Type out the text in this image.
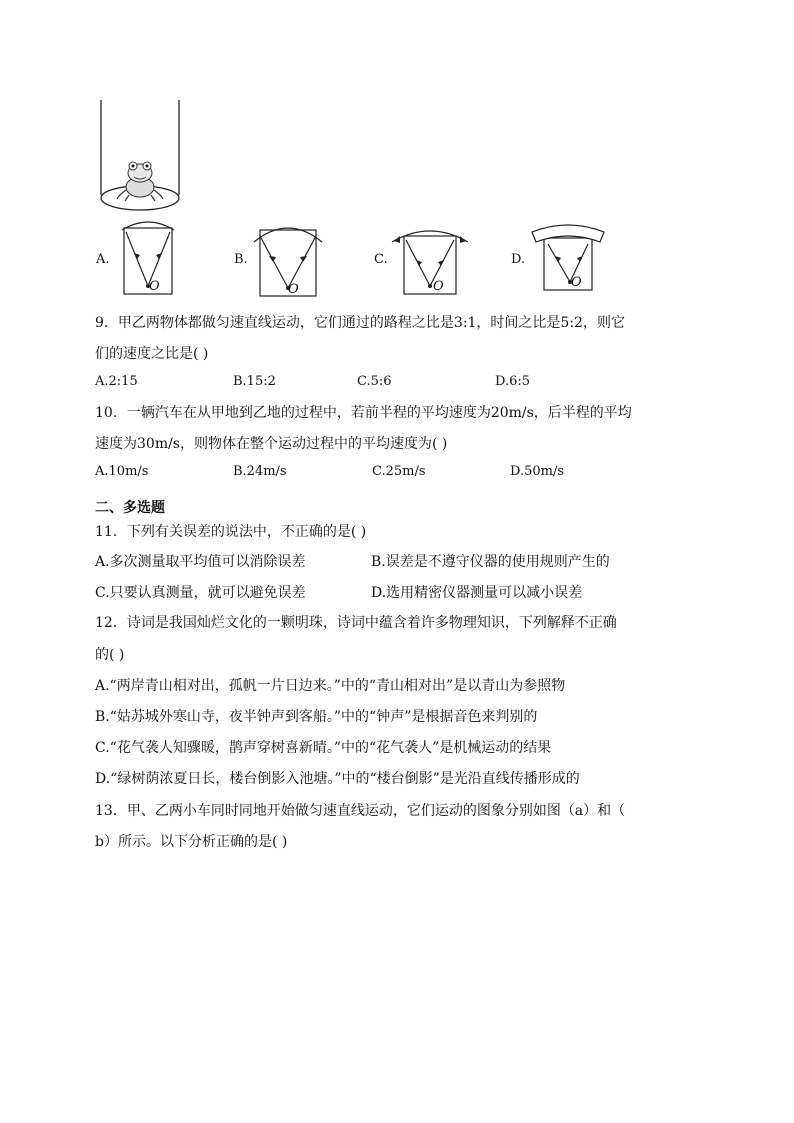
A.
O
B.
O
C.
O
D.
O
9．甲乙两物体都做匀速直线运动，它们通过的路程之比是3:1，时间之比是5:2，则它
们的速度之比是( )
A.2:15	B.15:2	C.5:6	D.6:5
10．一辆汽车在从甲地到乙地的过程中，若前半程的平均速度为20m/s，后半程的平均
速度为30m/s，则物体在整个运动过程中的平均速度为( )
A.10m/s	B.24m/s	C.25m/s	D.50m/s
二、多选题
11．下列有关误差的说法中，不正确的是( )
A.多次测量取平均值可以消除误差	B.误差是不遵守仪器的使用规则产生的
C.只要认真测量，就可以避免误差	D.选用精密仪器测量可以减小误差
12．诗词是我国灿烂文化的一颗明珠，诗词中蕴含着许多物理知识，下列解释不正确
的( )
A.“两岸青山相对出，孤帆一片日边来。”中的“青山相对出”是以青山为参照物
B.“姑苏城外寒山寺，夜半钟声到客船。”中的“钟声”是根据音色来判别的
C.“花气袭人知骤暖，鹊声穿树喜新晴。”中的“花气袭人”是机械运动的结果
D.“绿树荫浓夏日长，楼台倒影入池塘。”中的“楼台倒影”是光沿直线传播形成的
13．甲、乙两小车同时同地开始做匀速直线运动，它们运动的图象分别如图（a）和（
b）所示。以下分析正确的是( )
